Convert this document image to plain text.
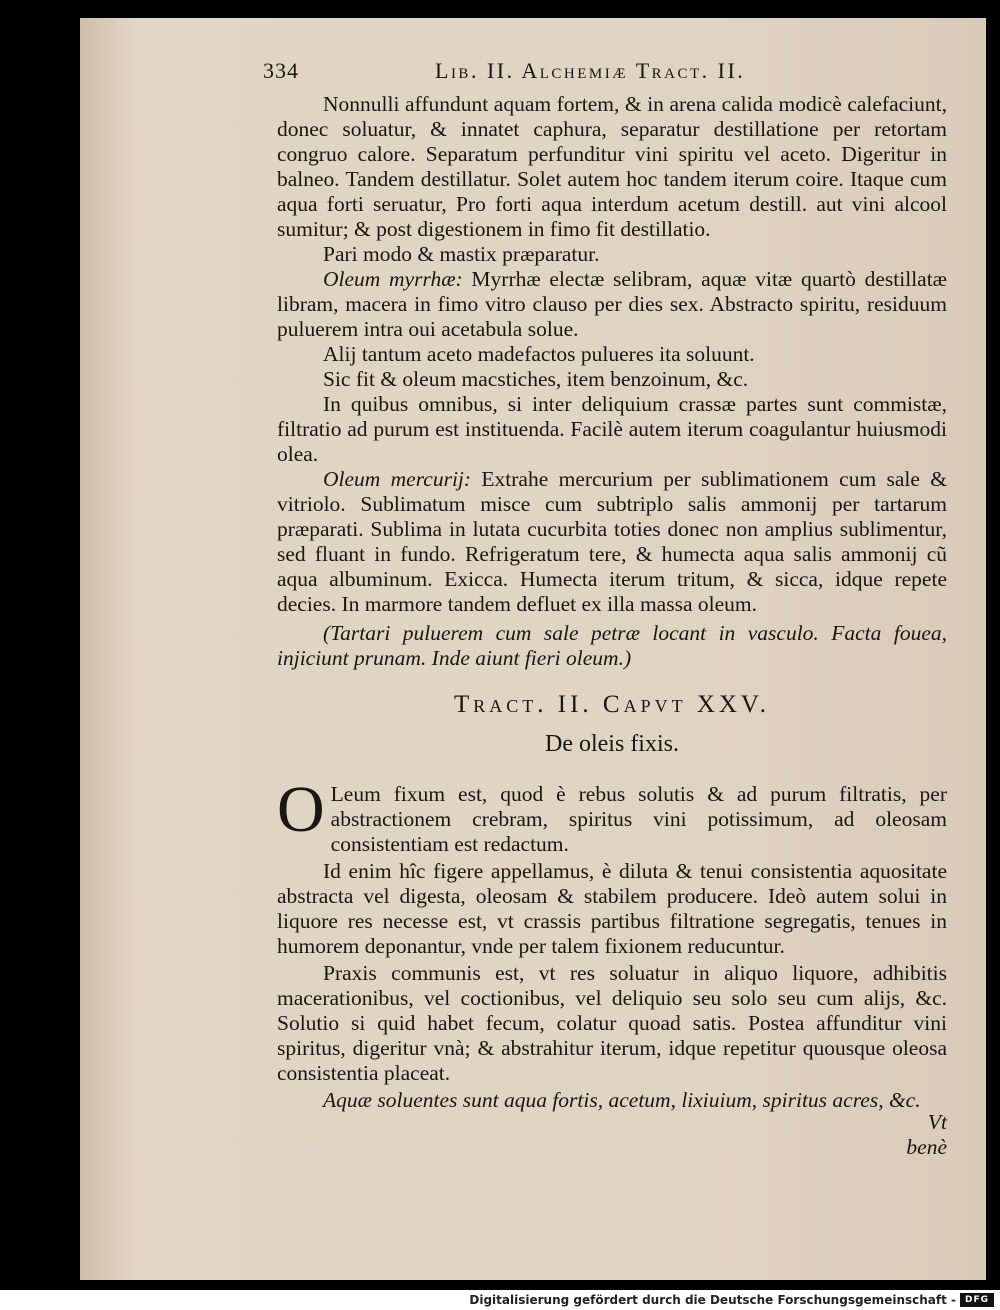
334	Lib. II. Alchemiæ Tract. II.

Nonnulli affundunt aquam fortem, & in arena calida modicè calefaciunt, donec soluatur, & innatet caphura, separatur destillatione per retortam congruo calore. Separatum perfunditur vini spiritu vel aceto. Digeritur in balneo. Tandem destillatur. Solet autem hoc tandem iterum coire. Itaque cum aqua forti seruatur, Pro forti aqua interdum acetum destill. aut vini alcool sumitur; & post digestionem in fimo fit destillatio.

Pari modo & mastix præparatur.

Oleum myrrhæ: Myrrhæ electæ selibram, aquæ vitæ quartò destillatæ libram, macera in fimo vitro clauso per dies sex. Abstracto spiritu, residuum puluerem intra oui acetabula solue.

Alij tantum aceto madefactos pulueres ita soluunt.

Sic fit & oleum macstiches, item benzoinum, &c.

In quibus omnibus, si inter deliquium crassæ partes sunt commistæ, filtratio ad purum est instituenda. Facilè autem iterum coagulantur huiusmodi olea.

Oleum mercurij: Extrahe mercurium per sublimationem cum sale & vitriolo. Sublimatum misce cum subtriplo salis ammonij per tartarum præparati. Sublima in lutata cucurbita toties donec non amplius sublimentur, sed fluant in fundo. Refrigeratum tere, & humecta aqua salis ammonij cũ aqua albuminum. Exicca. Humecta iterum tritum, & sicca, idque repete decies. In marmore tandem defluet ex illa massa oleum.

(Tartari puluerem cum sale petræ locant in vasculo. Facta fouea, injiciunt prunam. Inde aiunt fieri oleum.)

Tract. II. Capvt XXV.
De oleis fixis.

O Leum fixum est, quod è rebus solutis & ad purum filtratis, per abstractionem crebram, spiritus vini potissimum, ad oleosam consistentiam est redactum.

Id enim hîc figere appellamus, è diluta & tenui consistentia aquositate abstracta vel digesta, oleosam & stabilem producere. Ideò autem solui in liquore res necesse est, vt crassis partibus filtratione segregatis, tenues in humorem deponantur, vnde per talem fixionem reducuntur.

Praxis communis est, vt res soluatur in aliquo liquore, adhibitis macerationibus, vel coctionibus, vel deliquio seu solo seu cum alijs, &c. Solutio si quid habet fecum, colatur quoad satis. Postea affunditur vini spiritus, digeritur vnà; & abstrahitur iterum, idque repetitur quousque oleosa consistentia placeat.

Aquæ soluentes sunt aqua fortis, acetum, lixiuium, spiritus acres, &c.

Vt benè
Digitalisierung gefördert durch die Deutsche Forschungsgemeinschaft - DFG
